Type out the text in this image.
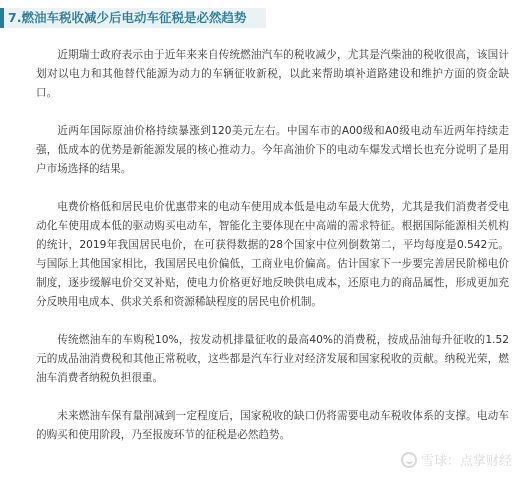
7.燃油车税收减少后电动车征税是必然趋势

近期瑞士政府表示由于近年来来自传统燃油汽车的税收减少，尤其是汽柴油的税收很高，该国计划对以电力和其他替代能源为动力的车辆征收新税，以此来帮助填补道路建设和维护方面的资金缺口。

近两年国际原油价格持续暴涨到120美元左右。中国车市的A00级和A0级电动车近两年持续走强，低成本的优势是新能源发展的核心推动力。今年高油价下的电动车爆发式增长也充分说明了是用户市场选择的结果。

电费价格低和居民电价优惠带来的电动车使用成本低是电动车最大优势，尤其是我们消费者受电动化车使用成本低的驱动购买电动车，智能化主要体现在中高端的需求特征。根据国际能源相关机构的统计，2019年我国居民电价，在可获得数据的28个国家中位列倒数第二，平均每度是0.542元。与国际上其他国家相比，我国居民电价偏低，工商业电价偏高。估计国家下一步要完善居民阶梯电价制度，逐步缓解电价交叉补贴，使电力价格更好地反映供电成本，还原电力的商品属性，形成更加充分反映用电成本、供求关系和资源稀缺程度的居民电价机制。

传统燃油车的车购税10%，按发动机排量征收的最高40%的消费税，按成品油每升征收的1.52元的成品油消费税和其他正常税收，这些都是汽车行业对经济发展和国家税收的贡献。纳税光荣，燃油车消费者纳税负担很重。

未来燃油车保有量削减到一定程度后，国家税收的缺口仍将需要电动车税收体系的支撑。电动车的购买和使用阶段，乃至报废环节的征税是必然趋势。

雪球：点掌财经
